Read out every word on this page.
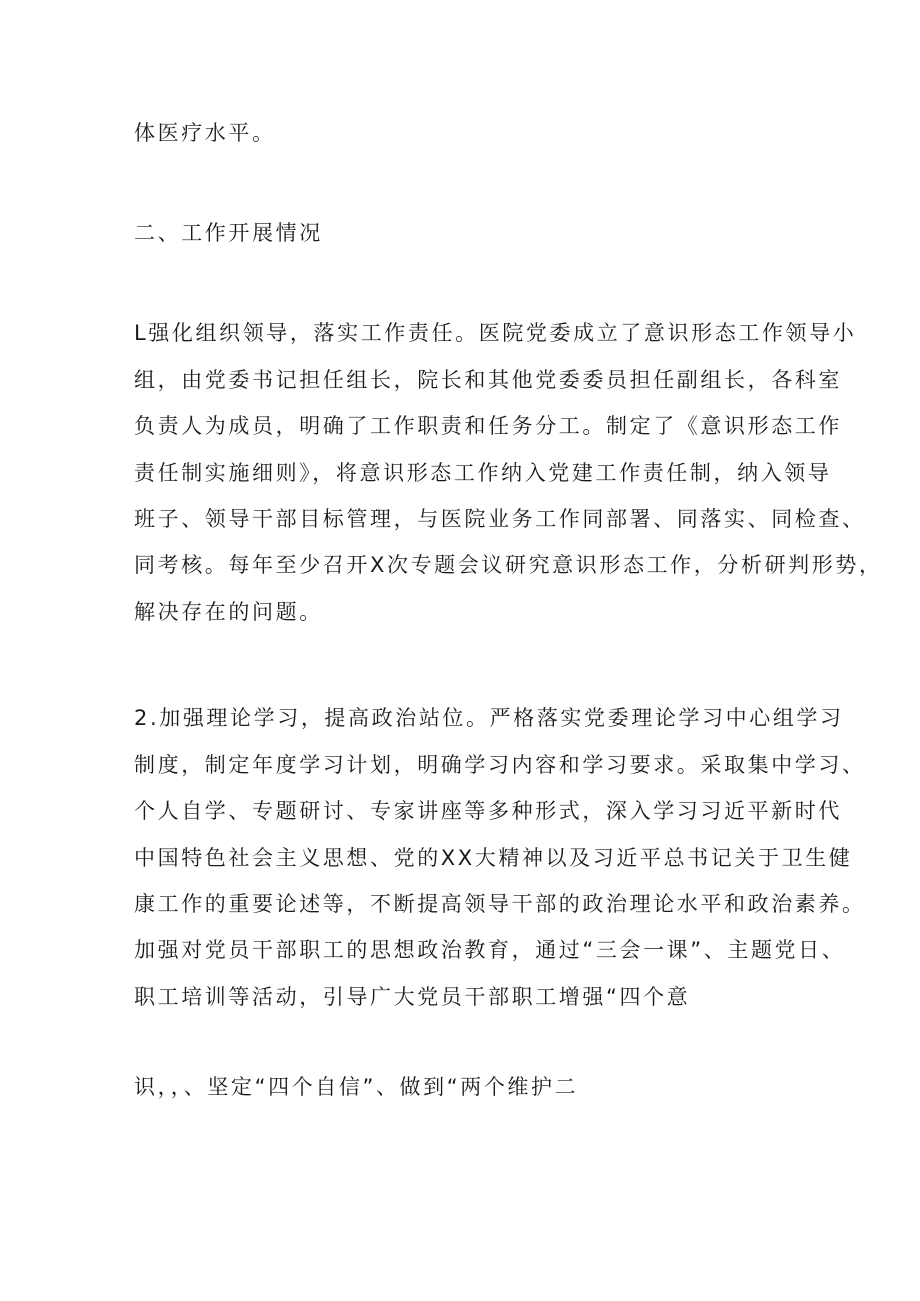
体医疗水平。
二、工作开展情况
L强化组织领导，落实工作责任。医院党委成立了意识形态工作领导小
组，由党委书记担任组长，院长和其他党委委员担任副组长，各科室
负责人为成员，明确了工作职责和任务分工。制定了《意识形态工作
责任制实施细则》，将意识形态工作纳入党建工作责任制，纳入领导
班子、领导干部目标管理，与医院业务工作同部署、同落实、同检查、
同考核。每年至少召开X次专题会议研究意识形态工作，分析研判形势，
解决存在的问题。
2.加强理论学习，提高政治站位。严格落实党委理论学习中心组学习
制度，制定年度学习计划，明确学习内容和学习要求。采取集中学习、
个人自学、专题研讨、专家讲座等多种形式，深入学习习近平新时代
中国特色社会主义思想、党的XX大精神以及习近平总书记关于卫生健
康工作的重要论述等，不断提高领导干部的政治理论水平和政治素养。
加强对党员干部职工的思想政治教育，通过“三会一课”、主题党日、
职工培训等活动，引导广大党员干部职工增强“四个意
识，，、坚定“四个自信”、做到“两个维护二
